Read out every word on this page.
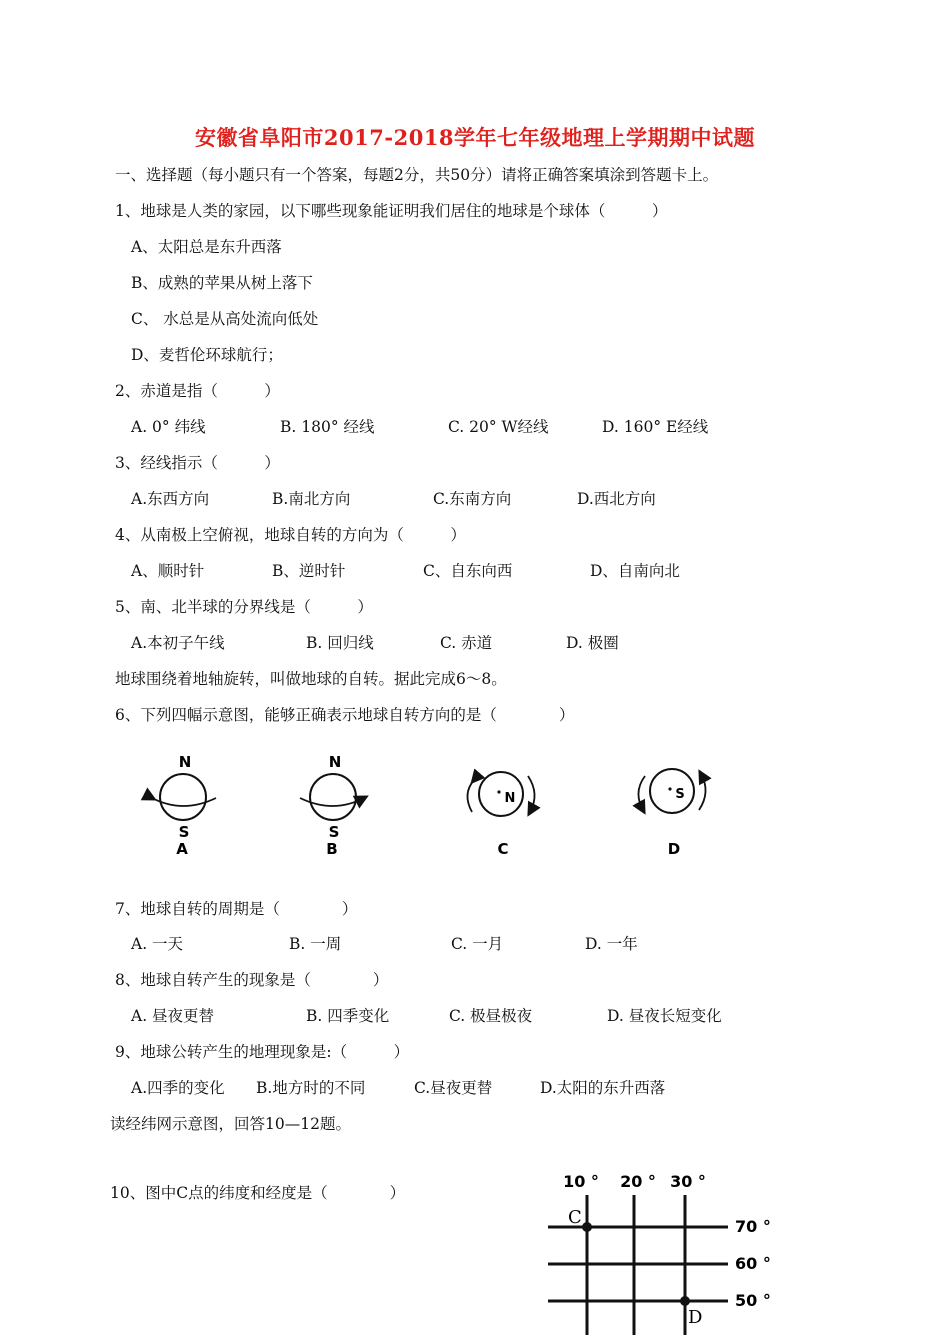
安徽省阜阳市2017-2018学年七年级地理上学期期中试题
一、选择题（每小题只有一个答案，每题2分，共50分）请将正确答案填涂到答题卡上。
1、地球是人类的家园，以下哪些现象能证明我们居住的地球是个球体（　　　）
A、太阳总是东升西落
B、成熟的苹果从树上落下
C、 水总是从高处流向低处
D、麦哲伦环球航行；
2、赤道是指（　　　）
A. 0° 纬线	B. 180° 经线	C. 20° W经线	D. 160° E经线
3、经线指示（　　　）
A.东西方向	B.南北方向	C.东南方向	D.西北方向
4、从南极上空俯视，地球自转的方向为（　　　）
A、顺时针	B、逆时针	C、自东向西	D、自南向北
5、南、北半球的分界线是（　　　）
A.本初子午线	B. 回归线	C. 赤道	D. 极圈
地球围绕着地轴旋转，叫做地球的自转。据此完成6～8。
6、下列四幅示意图，能够正确表示地球自转方向的是（　　　　）
N
S
A
N
S
B
N
C
S
D
7、地球自转的周期是（　　　　）
A. 一天	B. 一周	C. 一月	D. 一年
8、地球自转产生的现象是（　　　　）
A. 昼夜更替	B. 四季变化	C. 极昼极夜	D. 昼夜长短变化
9、地球公转产生的地理现象是:（　　　）
A.四季的变化 B.地方时的不同	C.昼夜更替	D.太阳的东升西落
读经纬网示意图，回答10—12题。
10、图中C点的纬度和经度是（　　　　）
10 ° 20 ° 30 °
70 °
60 °
50 °
C
D
